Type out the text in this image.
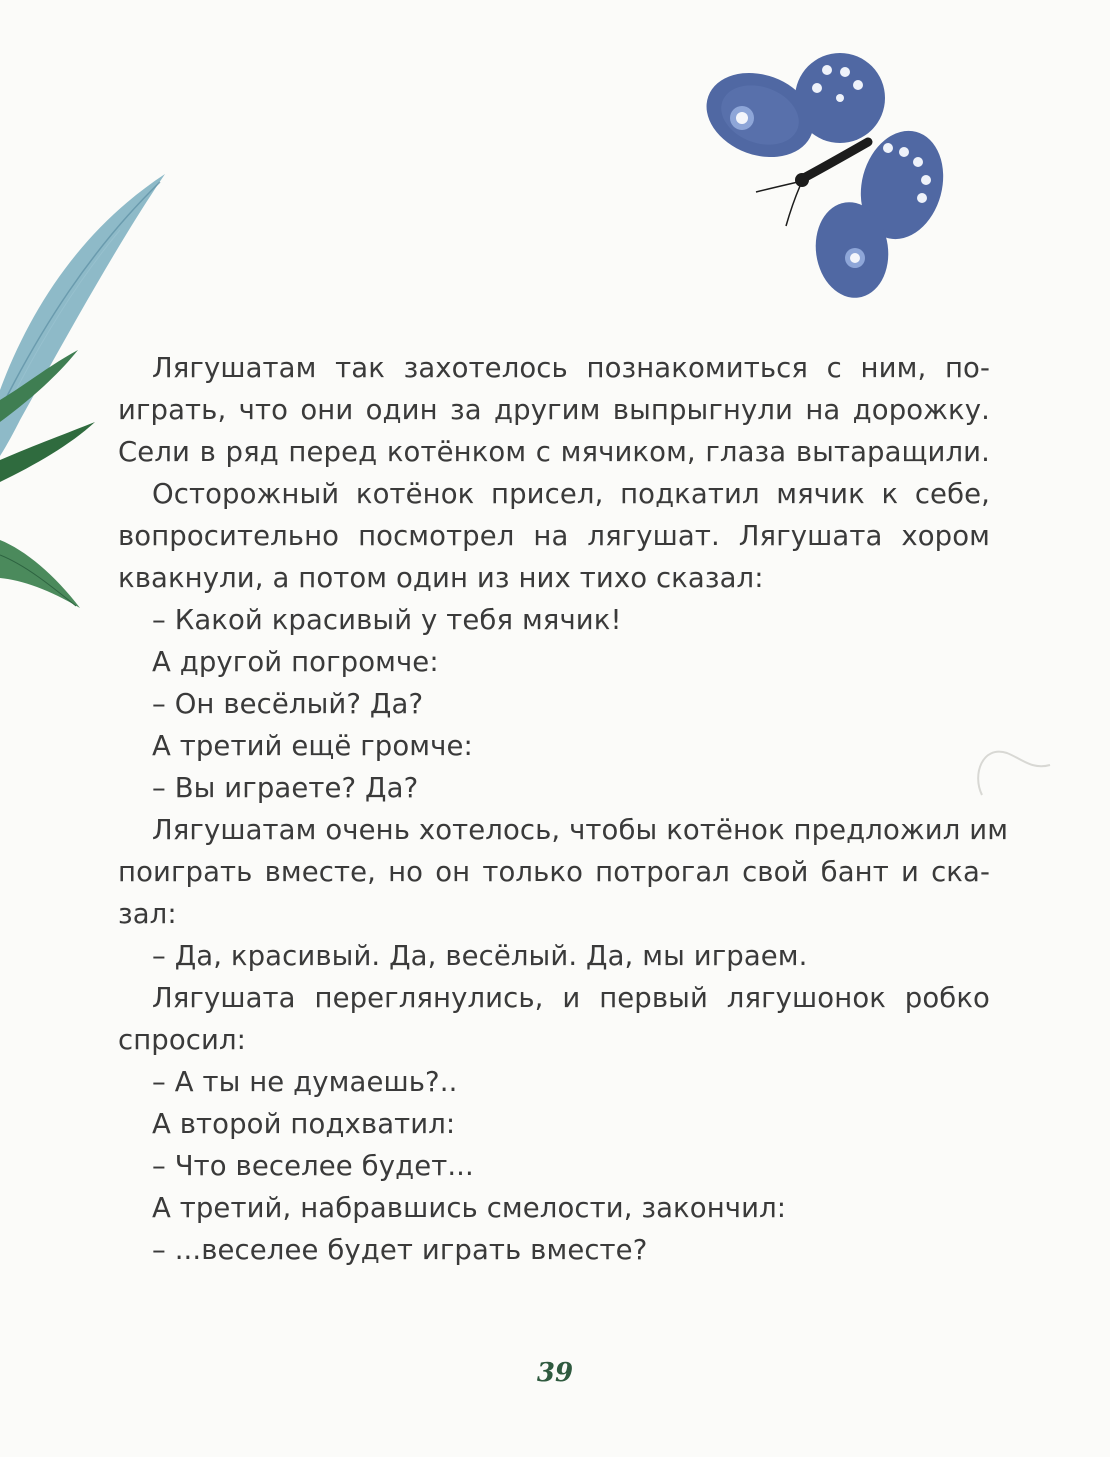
Лягушатам так захотелось познакомиться с ним, по-
играть, что они один за другим выпрыгнули на дорожку.
Сели в ряд перед котёнком с мячиком, глаза вытаращили.
Осторожный котёнок присел, подкатил мячик к себе,
вопросительно посмотрел на лягушат. Лягушата хором
квакнули, а потом один из них тихо сказал:
– Какой красивый у тебя мячик!
А другой погромче:
– Он весёлый? Да?
А третий ещё громче:
– Вы играете? Да?
Лягушатам очень хотелось, чтобы котёнок предложил им
поиграть вместе, но он только потрогал свой бант и ска-
зал:
– Да, красивый. Да, весёлый. Да, мы играем.
Лягушата переглянулись, и первый лягушонок робко
спросил:
– А ты не думаешь?..
А второй подхватил:
– Что веселее будет...
А третий, набравшись смелости, закончил:
– ...веселее будет играть вместе?
39
